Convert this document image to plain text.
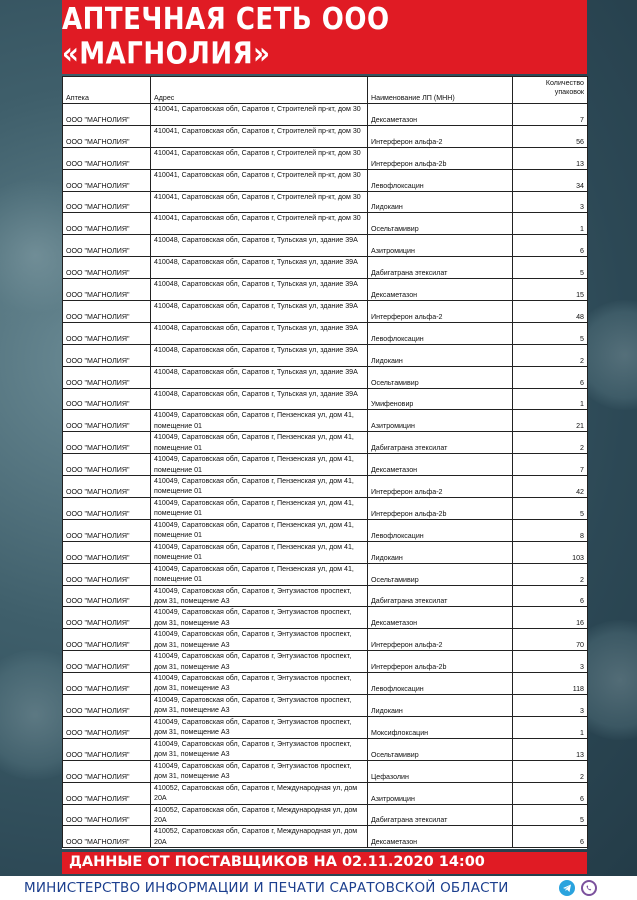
АПТЕЧНАЯ СЕТЬ ООО «МАГНОЛИЯ»
Аптека	Адрес	Наименование ЛП (МНН)	Количество упаковок
ООО "МАГНОЛИЯ"	410041, Саратовская обл, Саратов г, Строителей пр-кт, дом 30	Дексаметазон	7
ООО "МАГНОЛИЯ"	410041, Саратовская обл, Саратов г, Строителей пр-кт, дом 30	Интерферон альфа-2	56
ООО "МАГНОЛИЯ"	410041, Саратовская обл, Саратов г, Строителей пр-кт, дом 30	Интерферон альфа-2b	13
ООО "МАГНОЛИЯ"	410041, Саратовская обл, Саратов г, Строителей пр-кт, дом 30	Левофлоксацин	34
ООО "МАГНОЛИЯ"	410041, Саратовская обл, Саратов г, Строителей пр-кт, дом 30	Лидокаин	3
ООО "МАГНОЛИЯ"	410041, Саратовская обл, Саратов г, Строителей пр-кт, дом 30	Осельтамивир	1
ООО "МАГНОЛИЯ"	410048, Саратовская обл, Саратов г, Тульская ул, здание 39А	Азитромицин	6
ООО "МАГНОЛИЯ"	410048, Саратовская обл, Саратов г, Тульская ул, здание 39А	Дабигатрана этексилат	5
ООО "МАГНОЛИЯ"	410048, Саратовская обл, Саратов г, Тульская ул, здание 39А	Дексаметазон	15
ООО "МАГНОЛИЯ"	410048, Саратовская обл, Саратов г, Тульская ул, здание 39А	Интерферон альфа-2	48
ООО "МАГНОЛИЯ"	410048, Саратовская обл, Саратов г, Тульская ул, здание 39А	Левофлоксацин	5
ООО "МАГНОЛИЯ"	410048, Саратовская обл, Саратов г, Тульская ул, здание 39А	Лидокаин	2
ООО "МАГНОЛИЯ"	410048, Саратовская обл, Саратов г, Тульская ул, здание 39А	Осельтамивир	6
ООО "МАГНОЛИЯ"	410048, Саратовская обл, Саратов г, Тульская ул, здание 39А	Умифеновир	1
ООО "МАГНОЛИЯ"	410049, Саратовская обл, Саратов г, Пензенская ул, дом 41, помещение 01	Азитромицин	21
ООО "МАГНОЛИЯ"	410049, Саратовская обл, Саратов г, Пензенская ул, дом 41, помещение 01	Дабигатрана этексилат	2
ООО "МАГНОЛИЯ"	410049, Саратовская обл, Саратов г, Пензенская ул, дом 41, помещение 01	Дексаметазон	7
ООО "МАГНОЛИЯ"	410049, Саратовская обл, Саратов г, Пензенская ул, дом 41, помещение 01	Интерферон альфа-2	42
ООО "МАГНОЛИЯ"	410049, Саратовская обл, Саратов г, Пензенская ул, дом 41, помещение 01	Интерферон альфа-2b	5
ООО "МАГНОЛИЯ"	410049, Саратовская обл, Саратов г, Пензенская ул, дом 41, помещение 01	Левофлоксацин	8
ООО "МАГНОЛИЯ"	410049, Саратовская обл, Саратов г, Пензенская ул, дом 41, помещение 01	Лидокаин	103
ООО "МАГНОЛИЯ"	410049, Саратовская обл, Саратов г, Пензенская ул, дом 41, помещение 01	Осельтамивир	2
ООО "МАГНОЛИЯ"	410049, Саратовская обл, Саратов г, Энтузиастов проспект, дом 31, помещение А3	Дабигатрана этексилат	6
ООО "МАГНОЛИЯ"	410049, Саратовская обл, Саратов г, Энтузиастов проспект, дом 31, помещение А3	Дексаметазон	16
ООО "МАГНОЛИЯ"	410049, Саратовская обл, Саратов г, Энтузиастов проспект, дом 31, помещение А3	Интерферон альфа-2	70
ООО "МАГНОЛИЯ"	410049, Саратовская обл, Саратов г, Энтузиастов проспект, дом 31, помещение А3	Интерферон альфа-2b	3
ООО "МАГНОЛИЯ"	410049, Саратовская обл, Саратов г, Энтузиастов проспект, дом 31, помещение А3	Левофлоксацин	118
ООО "МАГНОЛИЯ"	410049, Саратовская обл, Саратов г, Энтузиастов проспект, дом 31, помещение А3	Лидокаин	3
ООО "МАГНОЛИЯ"	410049, Саратовская обл, Саратов г, Энтузиастов проспект, дом 31, помещение А3	Моксифлоксацин	1
ООО "МАГНОЛИЯ"	410049, Саратовская обл, Саратов г, Энтузиастов проспект, дом 31, помещение А3	Осельтамивир	13
ООО "МАГНОЛИЯ"	410049, Саратовская обл, Саратов г, Энтузиастов проспект, дом 31, помещение А3	Цефазолин	2
ООО "МАГНОЛИЯ"	410052, Саратовская обл, Саратов г, Международная ул, дом 20А	Азитромицин	6
ООО "МАГНОЛИЯ"	410052, Саратовская обл, Саратов г, Международная ул, дом 20А	Дабигатрана этексилат	5
ООО "МАГНОЛИЯ"	410052, Саратовская обл, Саратов г, Международная ул, дом 20А	Дексаметазон	6
ДАННЫЕ ОТ ПОСТАВЩИКОВ НА 02.11.2020 14:00
МИНИСТЕРСТВО ИНФОРМАЦИИ И ПЕЧАТИ САРАТОВСКОЙ ОБЛАСТИ
